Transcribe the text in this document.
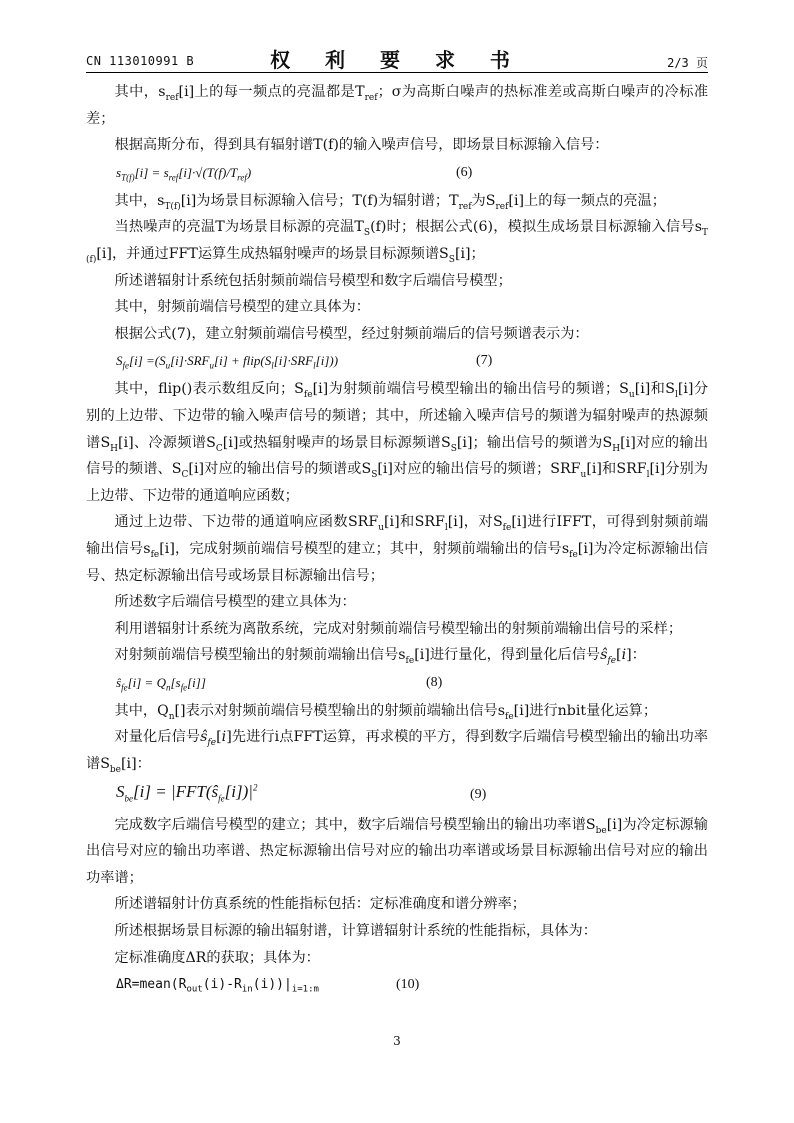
CN 113010991 B	权 利 要 求 书	2/3 页

其中，$s_{ref}[i]$上的每一频点的亮温都是$T_{ref}$；σ为高斯白噪声的热标准差或高斯白噪声的冷标准差；

根据高斯分布，得到具有辐射谱T(f)的输入噪声信号，即场景目标源输入信号：

$s_{T(f)}[i] = s_{ref}[i]\cdot√(T(f)/T_{ref})$	(6)

其中，$s_{T(f)}[i]$为场景目标源输入信号；T(f)为辐射谱；$T_{ref}$为$S_{ref}[i]$上的每一频点的亮温；

当热噪声的亮温T为场景目标源的亮温$T_S(f)$时；根据公式(6)，模拟生成场景目标源输入信号$s_{T(f)}[i]$，并通过FFT运算生成热辐射噪声的场景目标源频谱$S_S[i]$；

所述谱辐射计系统包括射频前端信号模型和数字后端信号模型；

其中，射频前端信号模型的建立具体为：

根据公式(7)，建立射频前端信号模型，经过射频前端后的信号频谱表示为：

$S_{fe}[i] =(S_u[i]\cdot SRF_u[i]$ + $flip(S_l[i]\cdot SRF_l[i])$)	(7)

其中，flip()表示数组反向；$S_{fe}[i]$为射频前端信号模型输出的输出信号的频谱；$S_u[i]$和$S_l[i]$分别的上边带、下边带的输入噪声信号的频谱；其中，所述输入噪声信号的频谱为辐射噪声的热源频谱$S_H[i]$、冷源频谱$S_C[i]$或热辐射噪声的场景目标源频谱$S_S[i]$；输出信号的频谱为$S_H[i]$对应的输出信号的频谱、$S_C[i]$对应的输出信号的频谱或$S_S[i]$对应的输出信号的频谱；$SRF_u[i]$和$SRF_l[i]$分别为上边带、下边带的通道响应函数；

通过上边带、下边带的通道响应函数$SRF_u[i]$和$SRF_l[i]$，对$S_{fe}[i]$进行IFFT，可得到射频前端输出信号$s_{fe}[i]$，完成射频前端信号模型的建立；其中，射频前端输出的信号$s_{fe}[i]$为冷定标源输出信号、热定标源输出信号或场景目标源输出信号；

所述数字后端信号模型的建立具体为：

利用谱辐射计系统为离散系统，完成对射频前端信号模型输出的射频前端输出信号的采样；

对射频前端信号模型输出的射频前端输出信号$s_{fe}[i]$进行量化，得到量化后信号$ŝ_{fe}[i]$：

$ŝ_{fe}[i] = Q_n[s_{fe}[i]]$	(8)

其中，$Q_n[]$表示对射频前端信号模型输出的射频前端输出信号$s_{fe}[i]$进行nbit量化运算；

对量化后信号$ŝ_{fe}[i]$先进行i点FFT运算，再求模的平方，得到数字后端信号模型输出的输出功率谱$S_{be}[i]$：

$S_{be}[i]$ = $|FFT(ŝ_{fe}[i])|^2$	(9)

完成数字后端信号模型的建立；其中，数字后端信号模型输出的输出功率谱$S_{be}[i]$为冷定标源输出信号对应的输出功率谱、热定标源输出信号对应的输出功率谱或场景目标源输出信号对应的输出功率谱；

所述谱辐射计仿真系统的性能指标包括：定标准确度和谱分辨率；

所述根据场景目标源的输出辐射谱，计算谱辐射计系统的性能指标，具体为：

定标准确度ΔR的获取；具体为：

$\Delta R=mean(R_{out}(i)-R_{in}(i))|_{i=1:m}$	(10)
3
